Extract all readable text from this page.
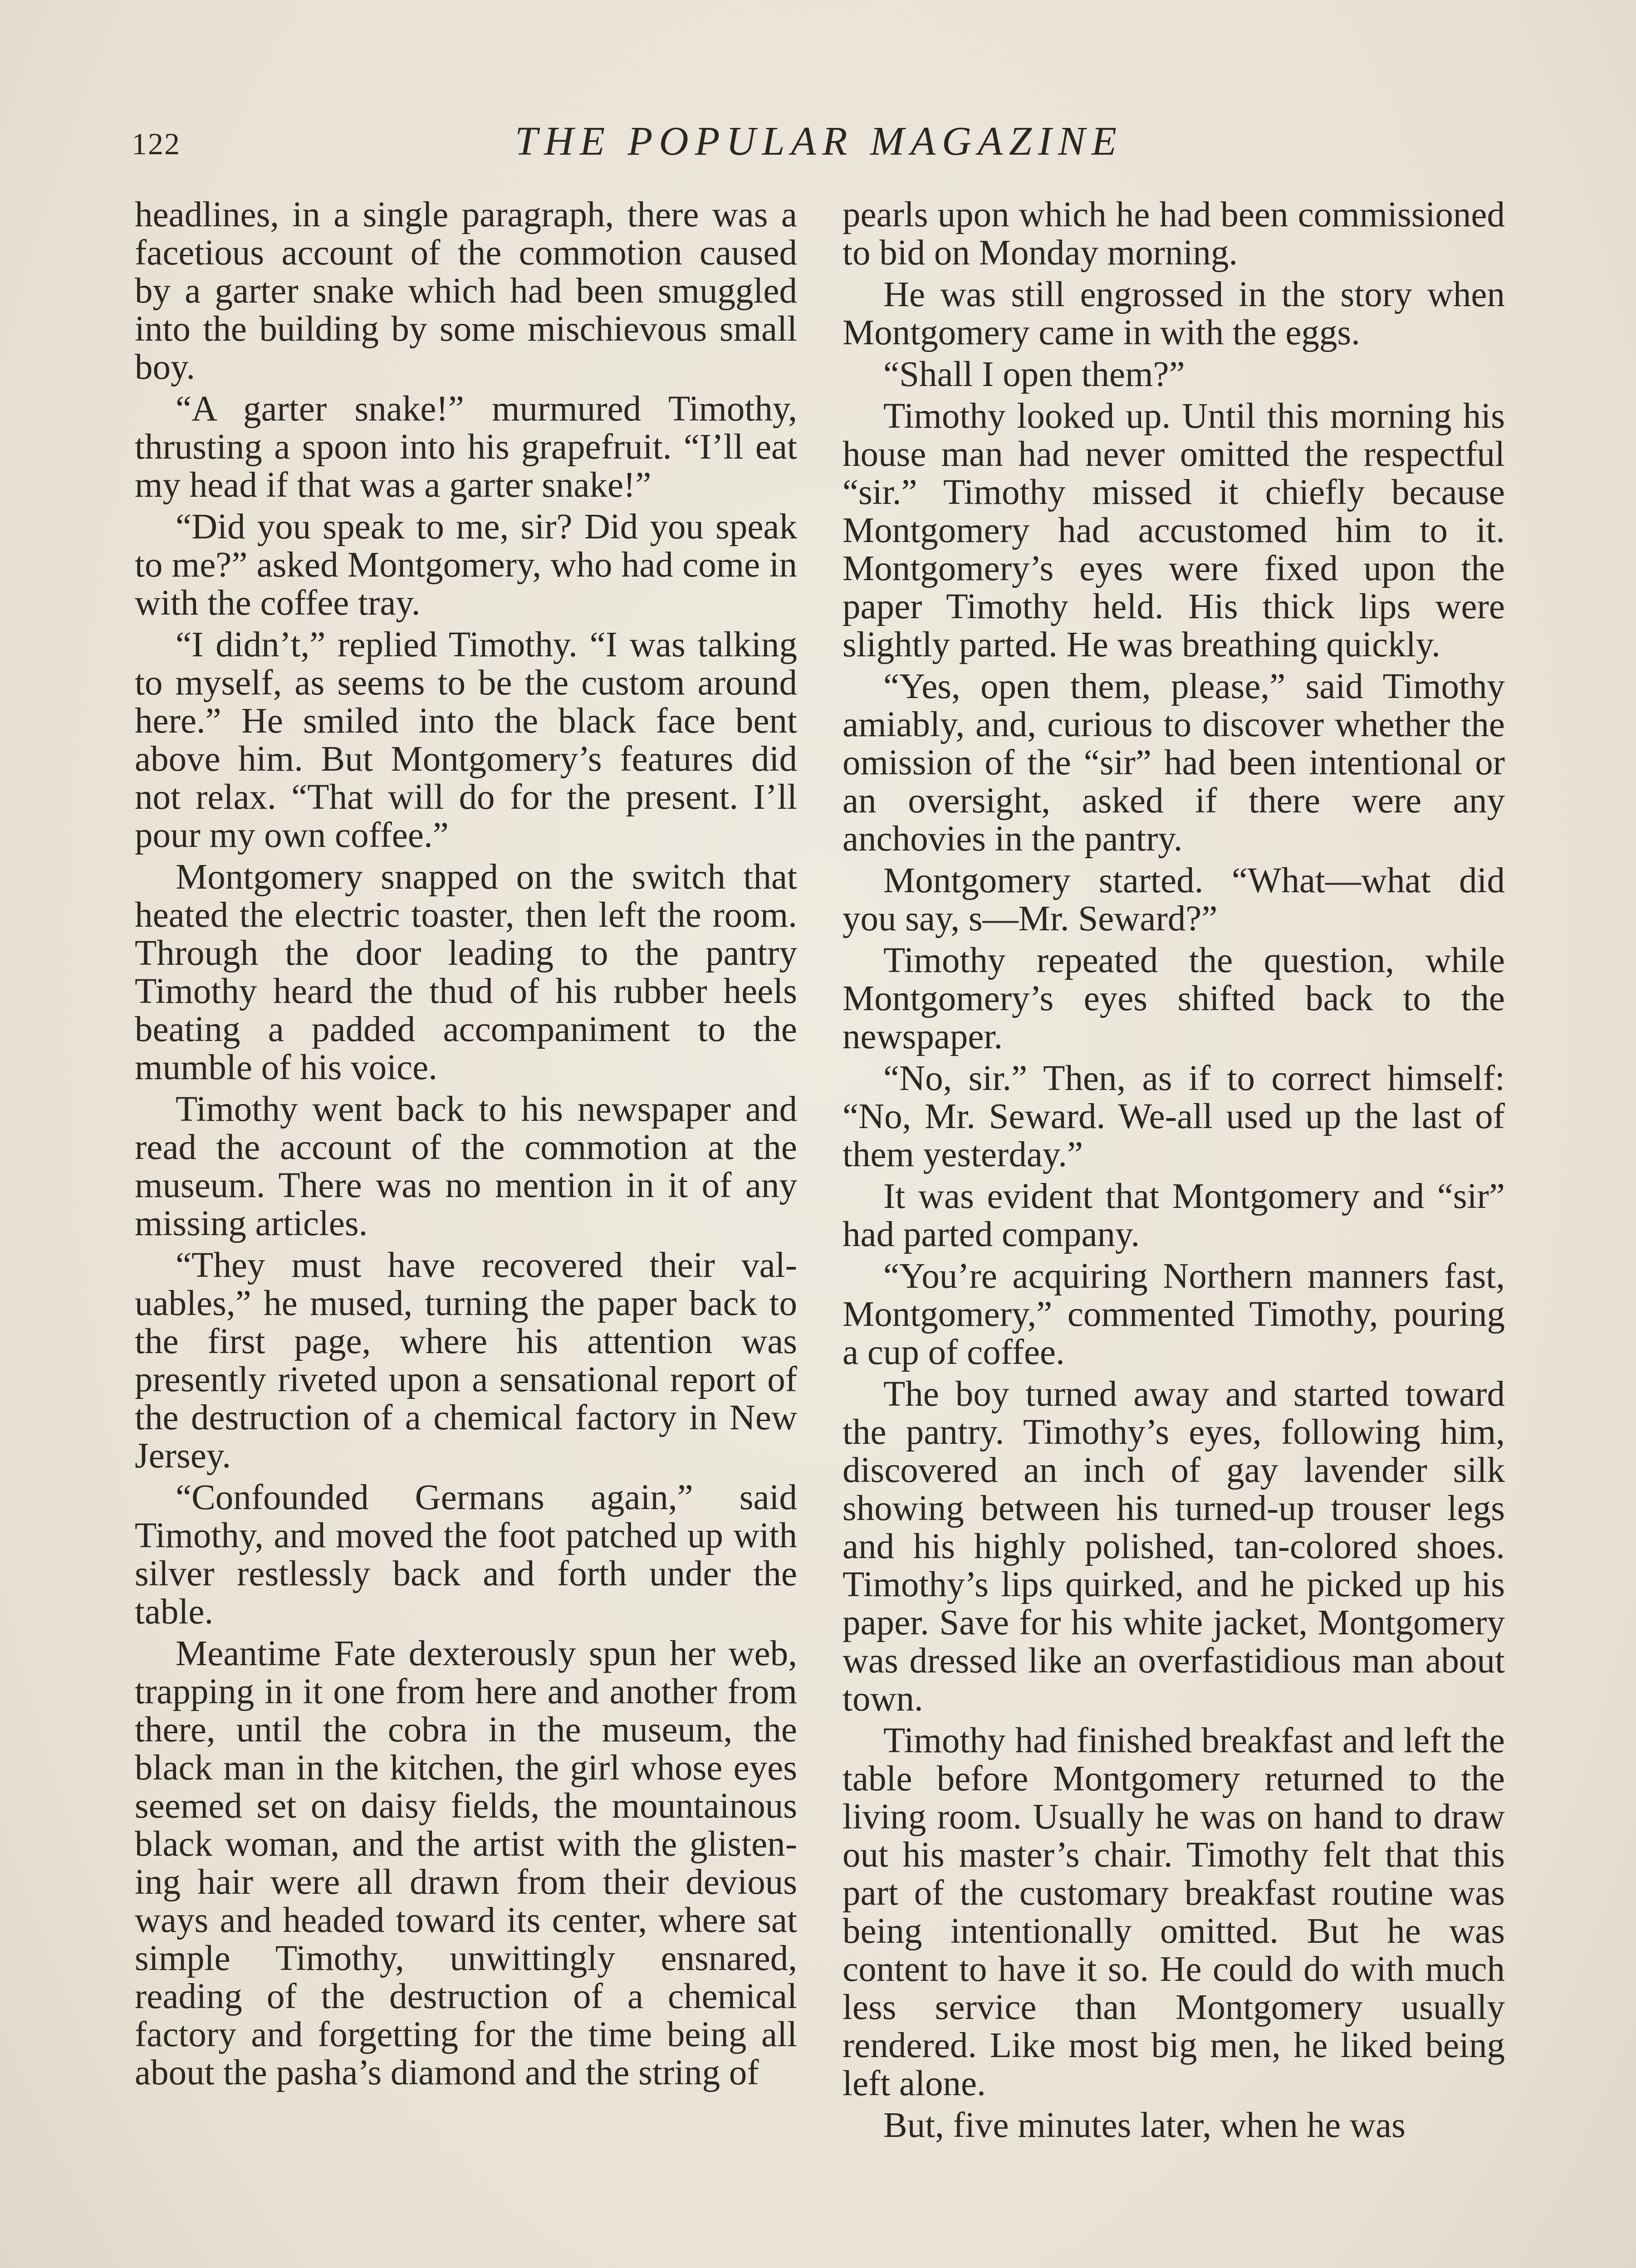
122	THE POPULAR MAGAZINE

headlines, in a single paragraph, there was a facetious account of the commotion caused by a garter snake which had been smuggled into the building by some mischievous small boy.

“A garter snake!” murmured Timothy, thrusting a spoon into his grapefruit. “I’ll eat my head if that was a garter snake!”

“Did you speak to me, sir? Did you speak to me?” asked Montgomery, who had come in with the coffee tray.

“I didn’t,” replied Timothy. “I was talking to myself, as seems to be the custom around here.” He smiled into the black face bent above him. But Montgomery’s features did not relax. “That will do for the present. I’ll pour my own coffee.”

Montgomery snapped on the switch that heated the electric toaster, then left the room. Through the door leading to the pantry Timothy heard the thud of his rubber heels beating a padded accompaniment to the mumble of his voice.

Timothy went back to his newspaper and read the account of the commotion at the museum. There was no mention in it of any missing articles.

“They must have recovered their valuables,” he mused, turning the paper back to the first page, where his attention was presently riveted upon a sensational report of the destruction of a chemical factory in New Jersey.

“Confounded Germans again,” said Timothy, and moved the foot patched up with silver restlessly back and forth under the table.

Meantime Fate dexterously spun her web, trapping in it one from here and another from there, until the cobra in the museum, the black man in the kitchen, the girl whose eyes seemed set on daisy fields, the mountainous black woman, and the artist with the glistening hair were all drawn from their devious ways and headed toward its center, where sat simple Timothy, unwittingly ensnared, reading of the destruction of a chemical factory and forgetting for the time being all about the pasha’s diamond and the string of

pearls upon which he had been commissioned to bid on Monday morning.

He was still engrossed in the story when Montgomery came in with the eggs.

“Shall I open them?”

Timothy looked up. Until this morning his house man had never omitted the respectful “sir.” Timothy missed it chiefly because Montgomery had accustomed him to it. Montgomery’s eyes were fixed upon the paper Timothy held. His thick lips were slightly parted. He was breathing quickly.

“Yes, open them, please,” said Timothy amiably, and, curious to discover whether the omission of the “sir” had been intentional or an oversight, asked if there were any anchovies in the pantry.

Montgomery started. “What—what did you say, s—Mr. Seward?”

Timothy repeated the question, while Montgomery’s eyes shifted back to the newspaper.

“No, sir.” Then, as if to correct himself: “No, Mr. Seward. We-all used up the last of them yesterday.”

It was evident that Montgomery and “sir” had parted company.

“You’re acquiring Northern manners fast, Montgomery,” commented Timothy, pouring a cup of coffee.

The boy turned away and started toward the pantry. Timothy’s eyes, following him, discovered an inch of gay lavender silk showing between his turned-up trouser legs and his highly polished, tan-colored shoes. Timothy’s lips quirked, and he picked up his paper. Save for his white jacket, Montgomery was dressed like an overfastidious man about town.

Timothy had finished breakfast and left the table before Montgomery returned to the living room. Usually he was on hand to draw out his master’s chair. Timothy felt that this part of the customary breakfast routine was being intentionally omitted. But he was content to have it so. He could do with much less service than Montgomery usually rendered. Like most big men, he liked being left alone.

But, five minutes later, when he was
